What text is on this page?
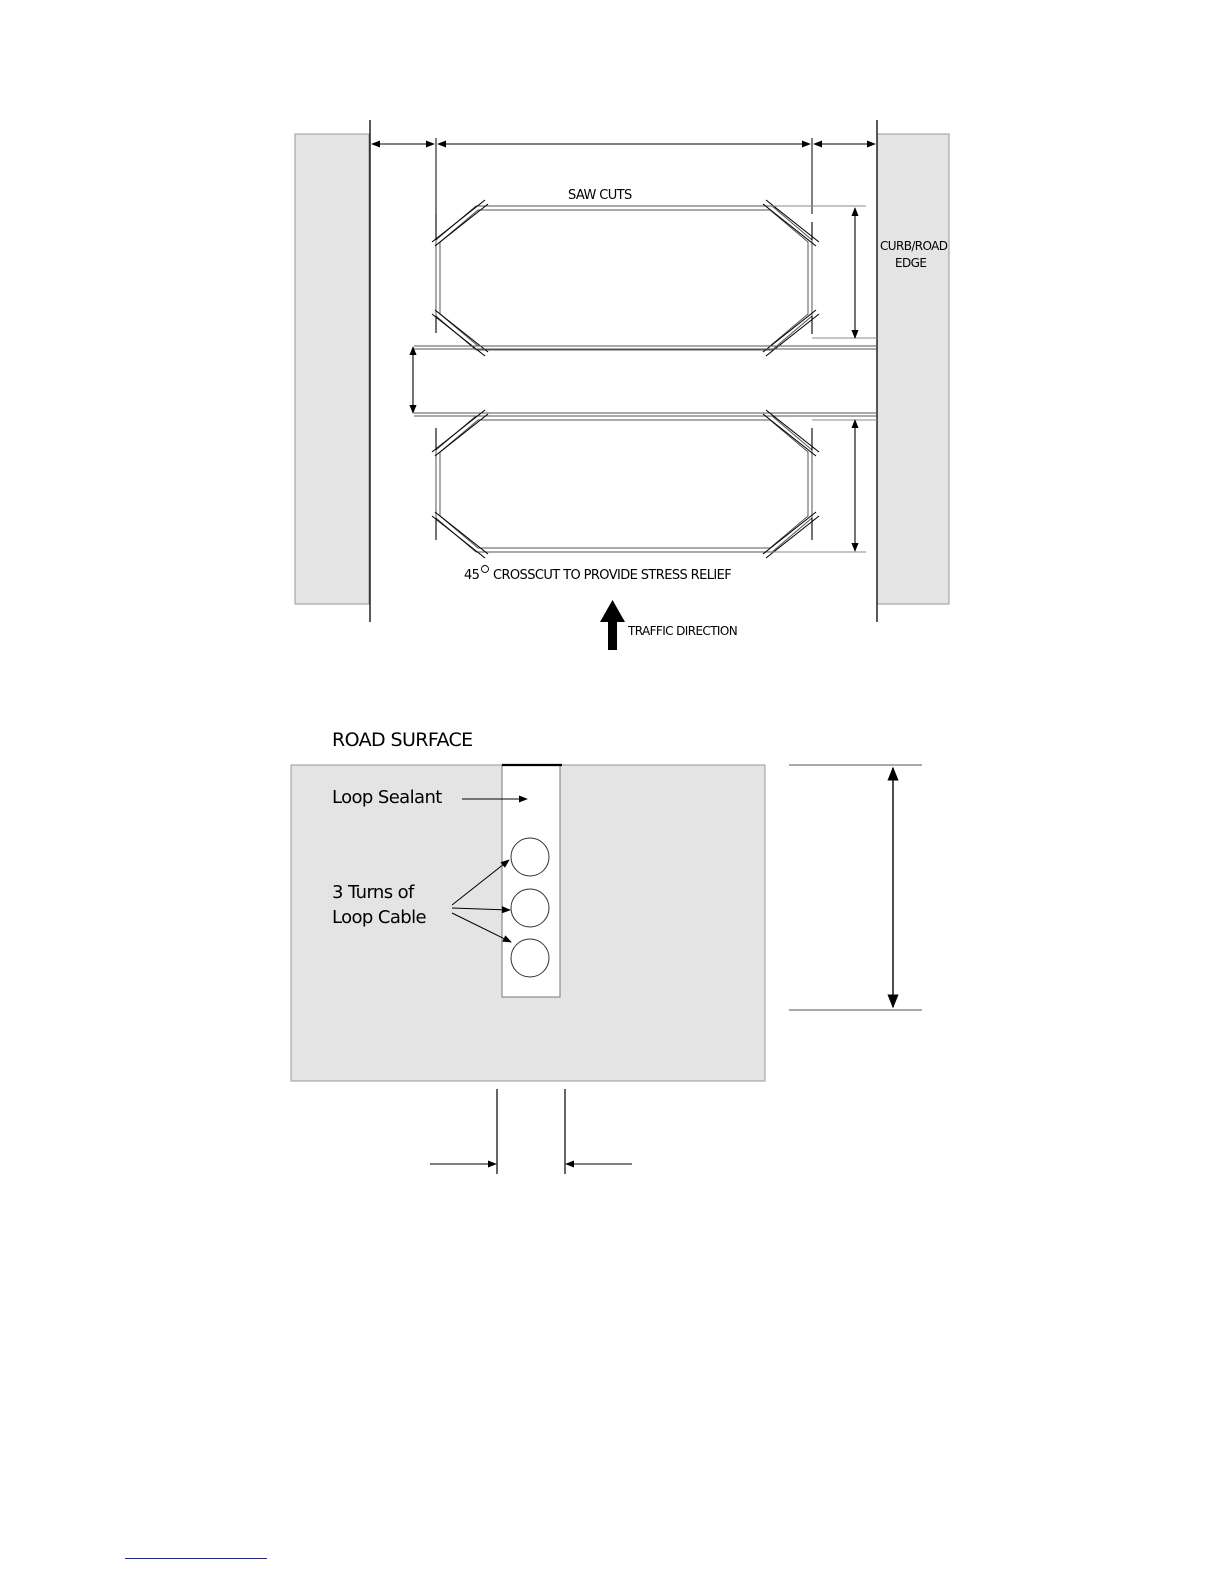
SAW CUTS
CURB/ROAD
EDGE
45 CROSSCUT TO PROVIDE STRESS RELIEF
TRAFFIC DIRECTION
ROAD SURFACE
Loop Sealant
3 Turns of
Loop Cable
